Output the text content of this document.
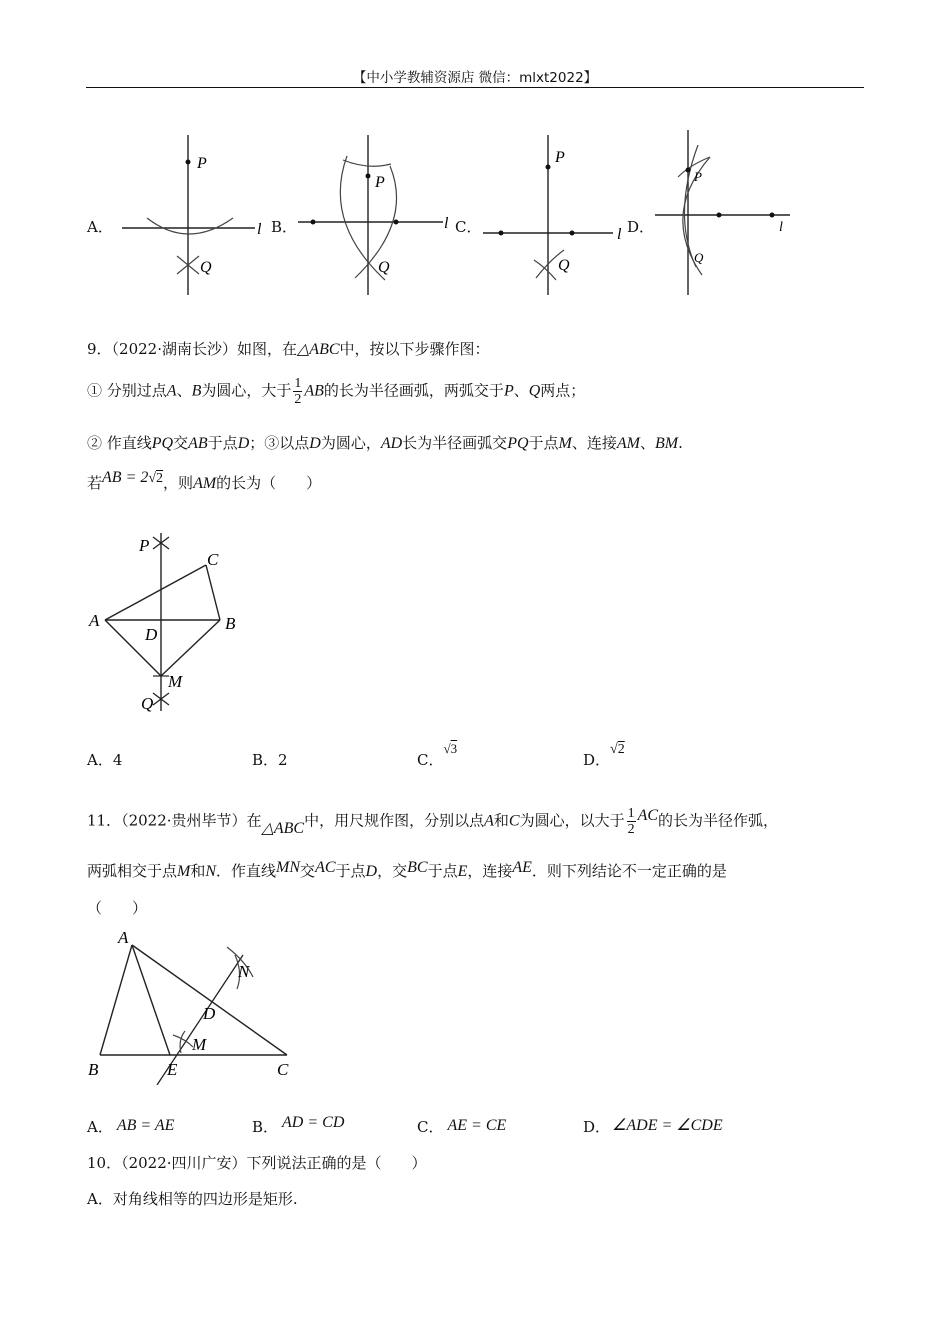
【中小学教辅资源店 微信：mlxt2022】
A．
P
Q
l B．
P
Q
l C．
P
Q
l D．
P
Q
l
9．（2022·湖南长沙）如图，在△ABC中，按以下步骤作图：
① 分别过点A、B为圆心，大于 $\frac{1}{2}$ AB的长为半径画弧，两弧交于P、Q两点；
② 作直线PQ交AB于点D；③以点D为圆心，AD长为半径画弧交PQ于点M、连接AM、BM.
若AB = 2√2，则AM的长为（　　）
P
C
A
D
B
M
Q
A．4	B．2	C．√3
D．√2
11．（2022·贵州毕节）在△ABC中，用尺规作图，分别以点A和C为圆心，以大于 $\frac{1}{2}$ AC的长为半径作弧，
两弧相交于点M和N．作直线MN交AC于点D，交BC于点E，连接AE．则下列结论不一定正确的是
（　　）
A
N
D
M
B	E	C
A． AB = AE	B． AD = CD	C． AE = CE	D． ∠ADE = ∠CDE
10．（2022·四川广安）下列说法正确的是（　　）
A．对角线相等的四边形是矩形.
